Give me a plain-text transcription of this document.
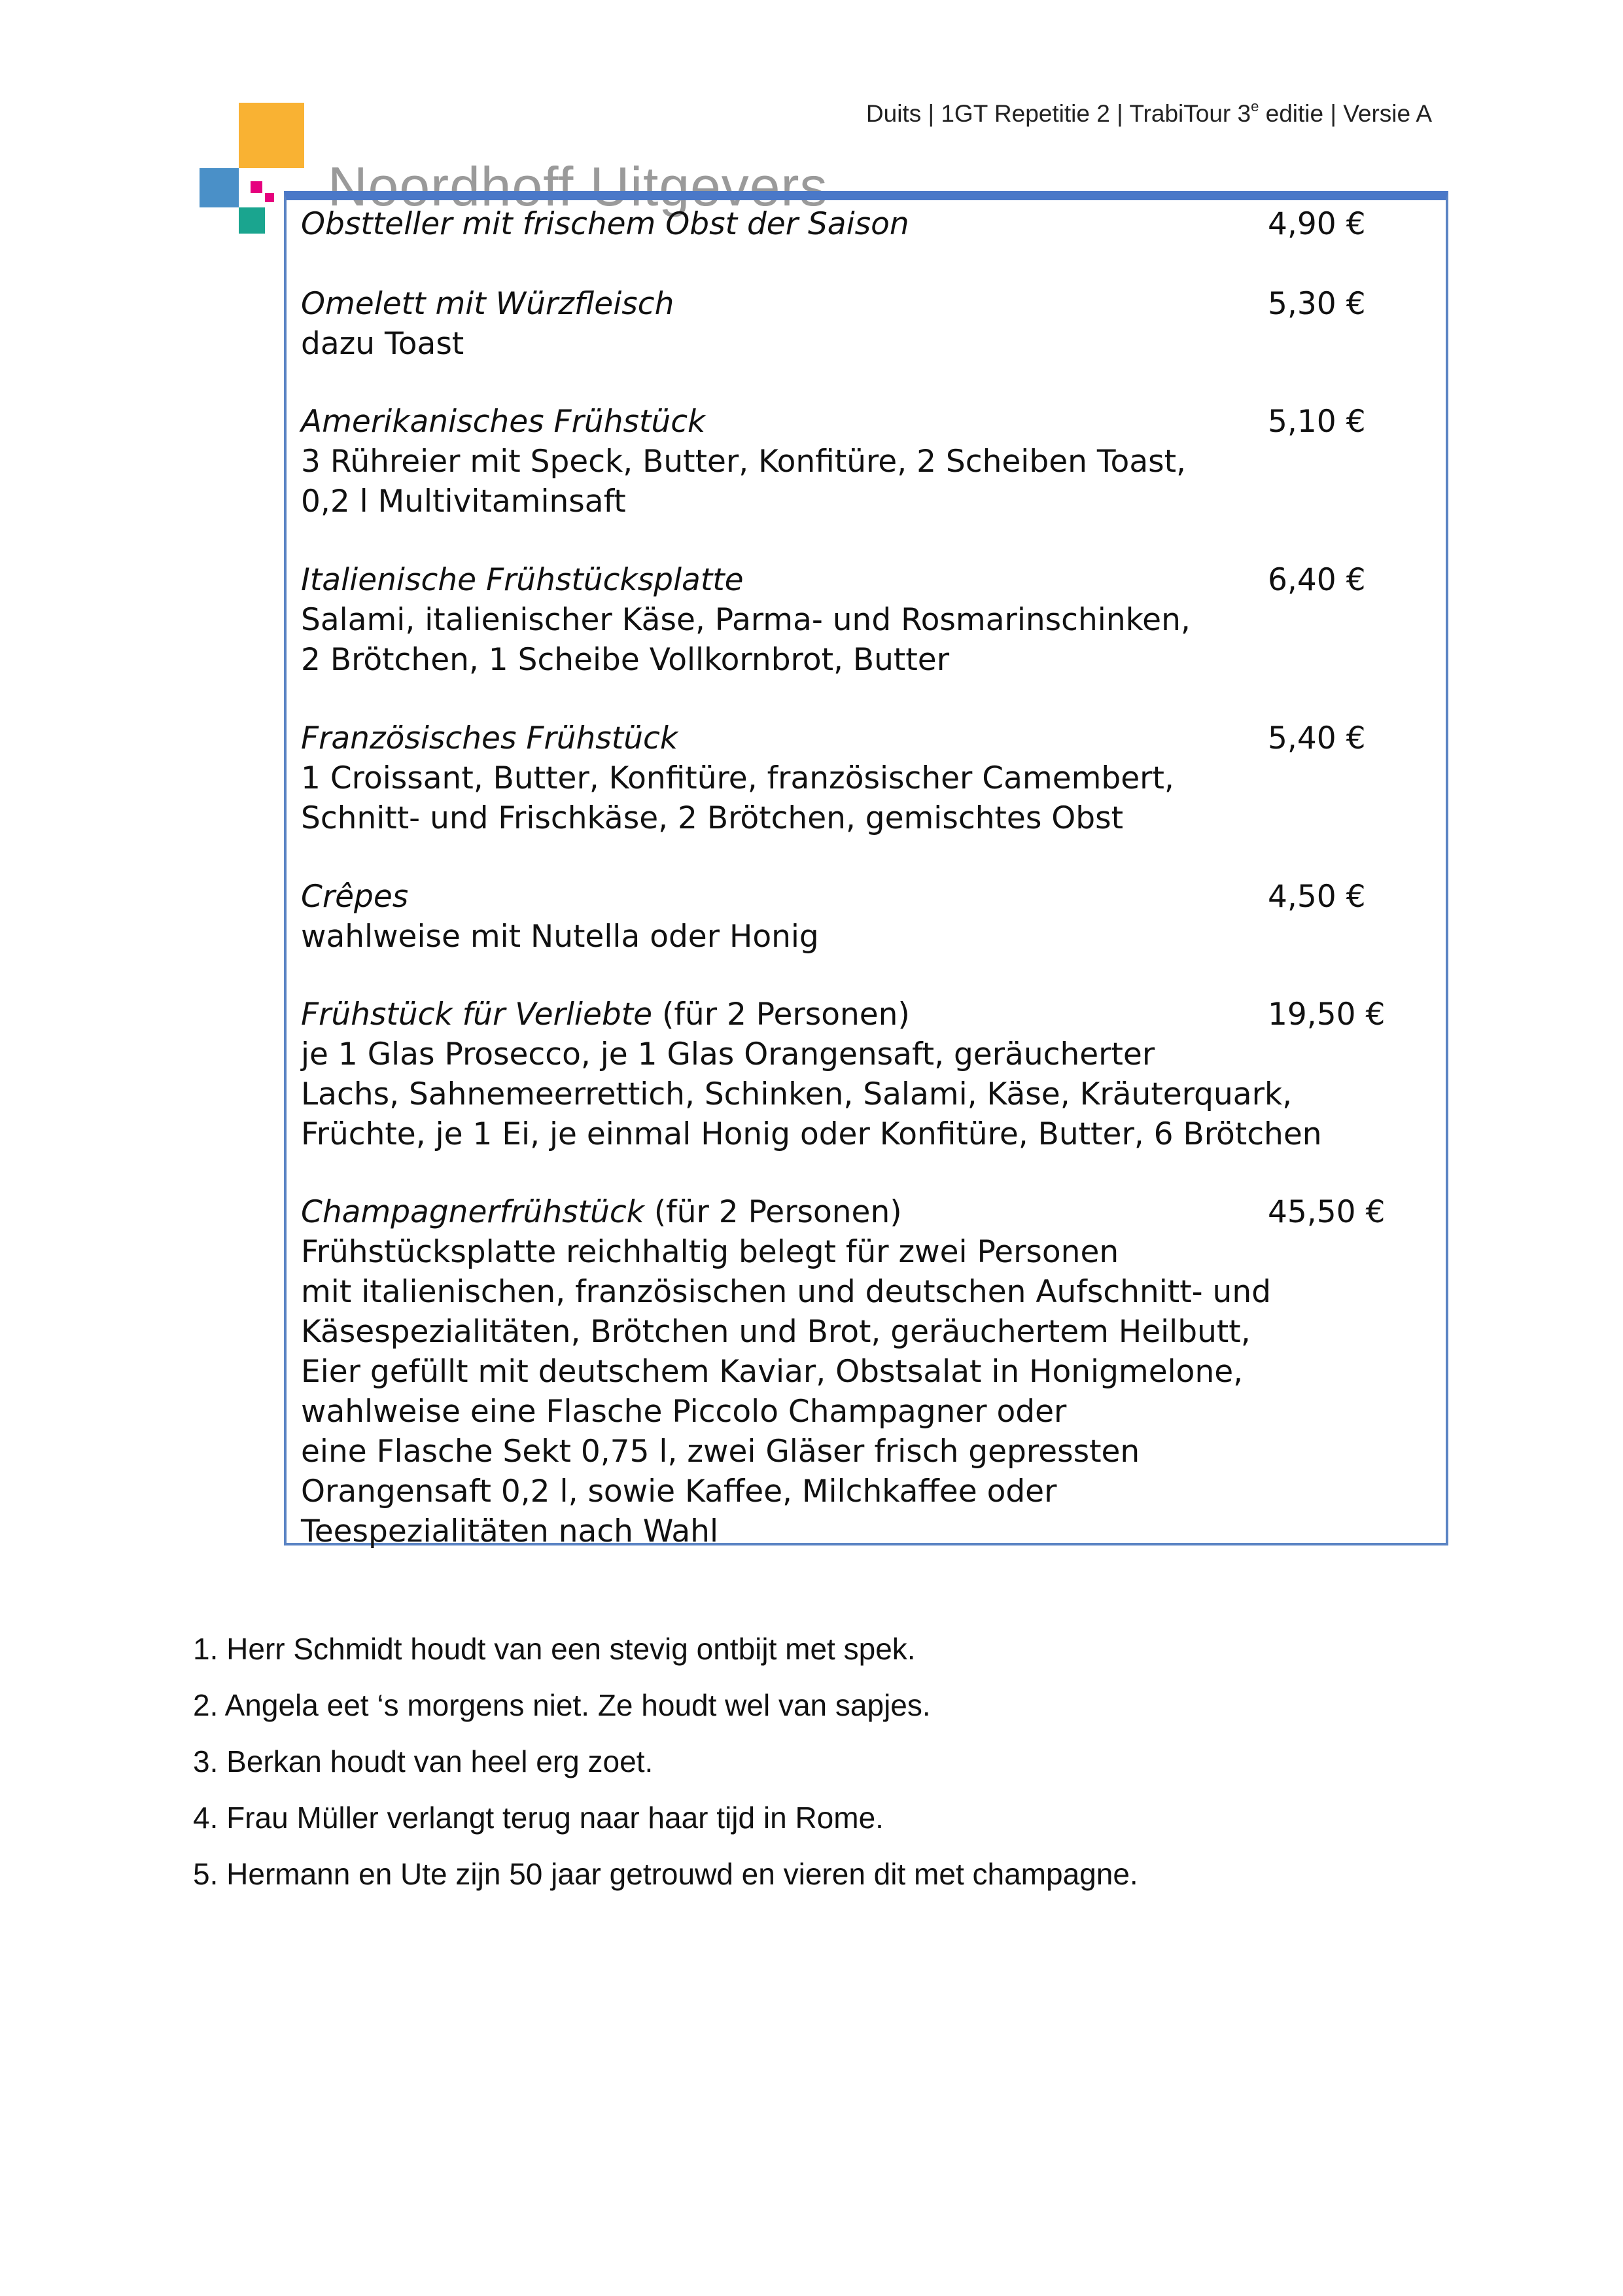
Duits | 1GT Repetitie 2 | TrabiTour 3e editie | Versie A
Noordhoff Uitgevers
Obstteller mit frischem Obst der Saison	4,90 €
Omelett mit Würzfleisch	5,30 €
dazu Toast
Amerikanisches Frühstück	5,10 €
3 Rühreier mit Speck, Butter, Konfitüre, 2 Scheiben Toast,
0,2 l Multivitaminsaft
Italienische Frühstücksplatte	6,40 €
Salami, italienischer Käse, Parma- und Rosmarinschinken,
2 Brötchen, 1 Scheibe Vollkornbrot, Butter
Französisches Frühstück	5,40 €
1 Croissant, Butter, Konfitüre, französischer Camembert,
Schnitt- und Frischkäse, 2 Brötchen, gemischtes Obst
Crêpes	4,50 €
wahlweise mit Nutella oder Honig
Frühstück für Verliebte (für 2 Personen)	19,50 €
je 1 Glas Prosecco, je 1 Glas Orangensaft, geräucherter
Lachs, Sahnemeerrettich, Schinken, Salami, Käse, Kräuterquark,
Früchte, je 1 Ei, je einmal Honig oder Konfitüre, Butter, 6 Brötchen
Champagnerfrühstück (für 2 Personen)	45,50 €
Frühstücksplatte reichhaltig belegt für zwei Personen
mit italienischen, französischen und deutschen Aufschnitt- und
Käsespezialitäten, Brötchen und Brot, geräuchertem Heilbutt,
Eier gefüllt mit deutschem Kaviar, Obstsalat in Honigmelone,
wahlweise eine Flasche Piccolo Champagner oder
eine Flasche Sekt 0,75 l, zwei Gläser frisch gepressten
Orangensaft 0,2 l, sowie Kaffee, Milchkaffee oder
Teespezialitäten nach Wahl
1. Herr Schmidt houdt van een stevig ontbijt met spek.
2. Angela eet ‘s morgens niet. Ze houdt wel van sapjes.
3. Berkan houdt van heel erg zoet.
4. Frau Müller verlangt terug naar haar tijd in Rome.
5. Hermann en Ute zijn 50 jaar getrouwd en vieren dit met champagne.
